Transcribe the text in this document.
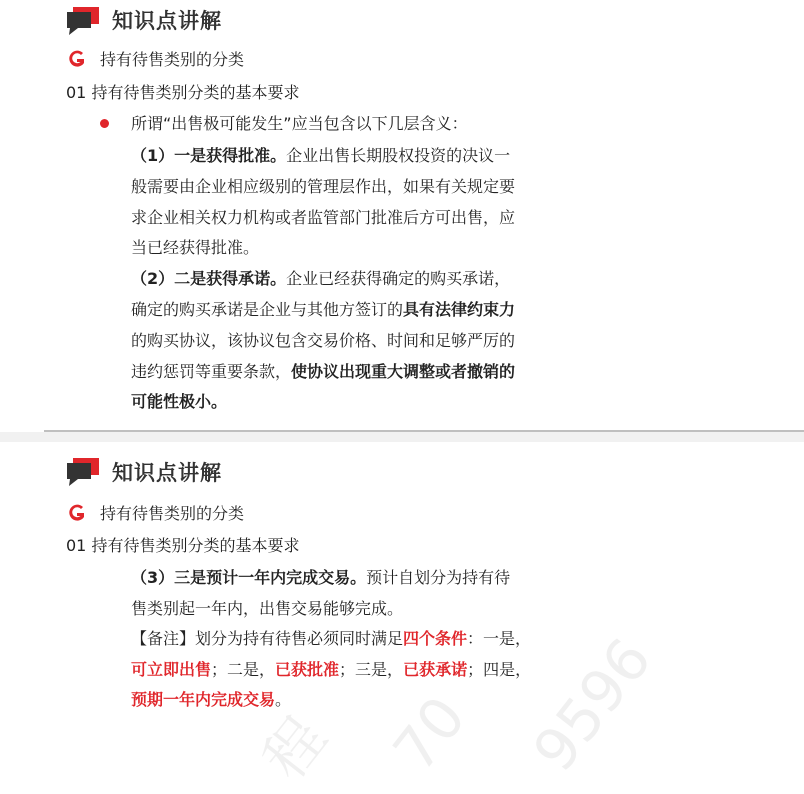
知识点讲解
持有待售类别的分类
01 持有待售类别分类的基本要求
所谓“出售极可能发生”应当包含以下几层含义：
（1）一是获得批准。企业出售长期股权投资的决议一
般需要由企业相应级别的管理层作出，如果有关规定要
求企业相关权力机构或者监管部门批准后方可出售，应
当已经获得批准。
（2）二是获得承诺。企业已经获得确定的购买承诺，
确定的购买承诺是企业与其他方签订的具有法律约束力
的购买协议，该协议包含交易价格、时间和足够严厉的
违约惩罚等重要条款，使协议出现重大调整或者撤销的
可能性极小。
知识点讲解
持有待售类别的分类
01 持有待售类别分类的基本要求
（3）三是预计一年内完成交易。预计自划分为持有待
售类别起一年内，出售交易能够完成。
【备注】划分为持有待售必须同时满足四个条件：一是，
可立即出售；二是，已获批准；三是，已获承诺；四是，
预期一年内完成交易。
程 70 9596
